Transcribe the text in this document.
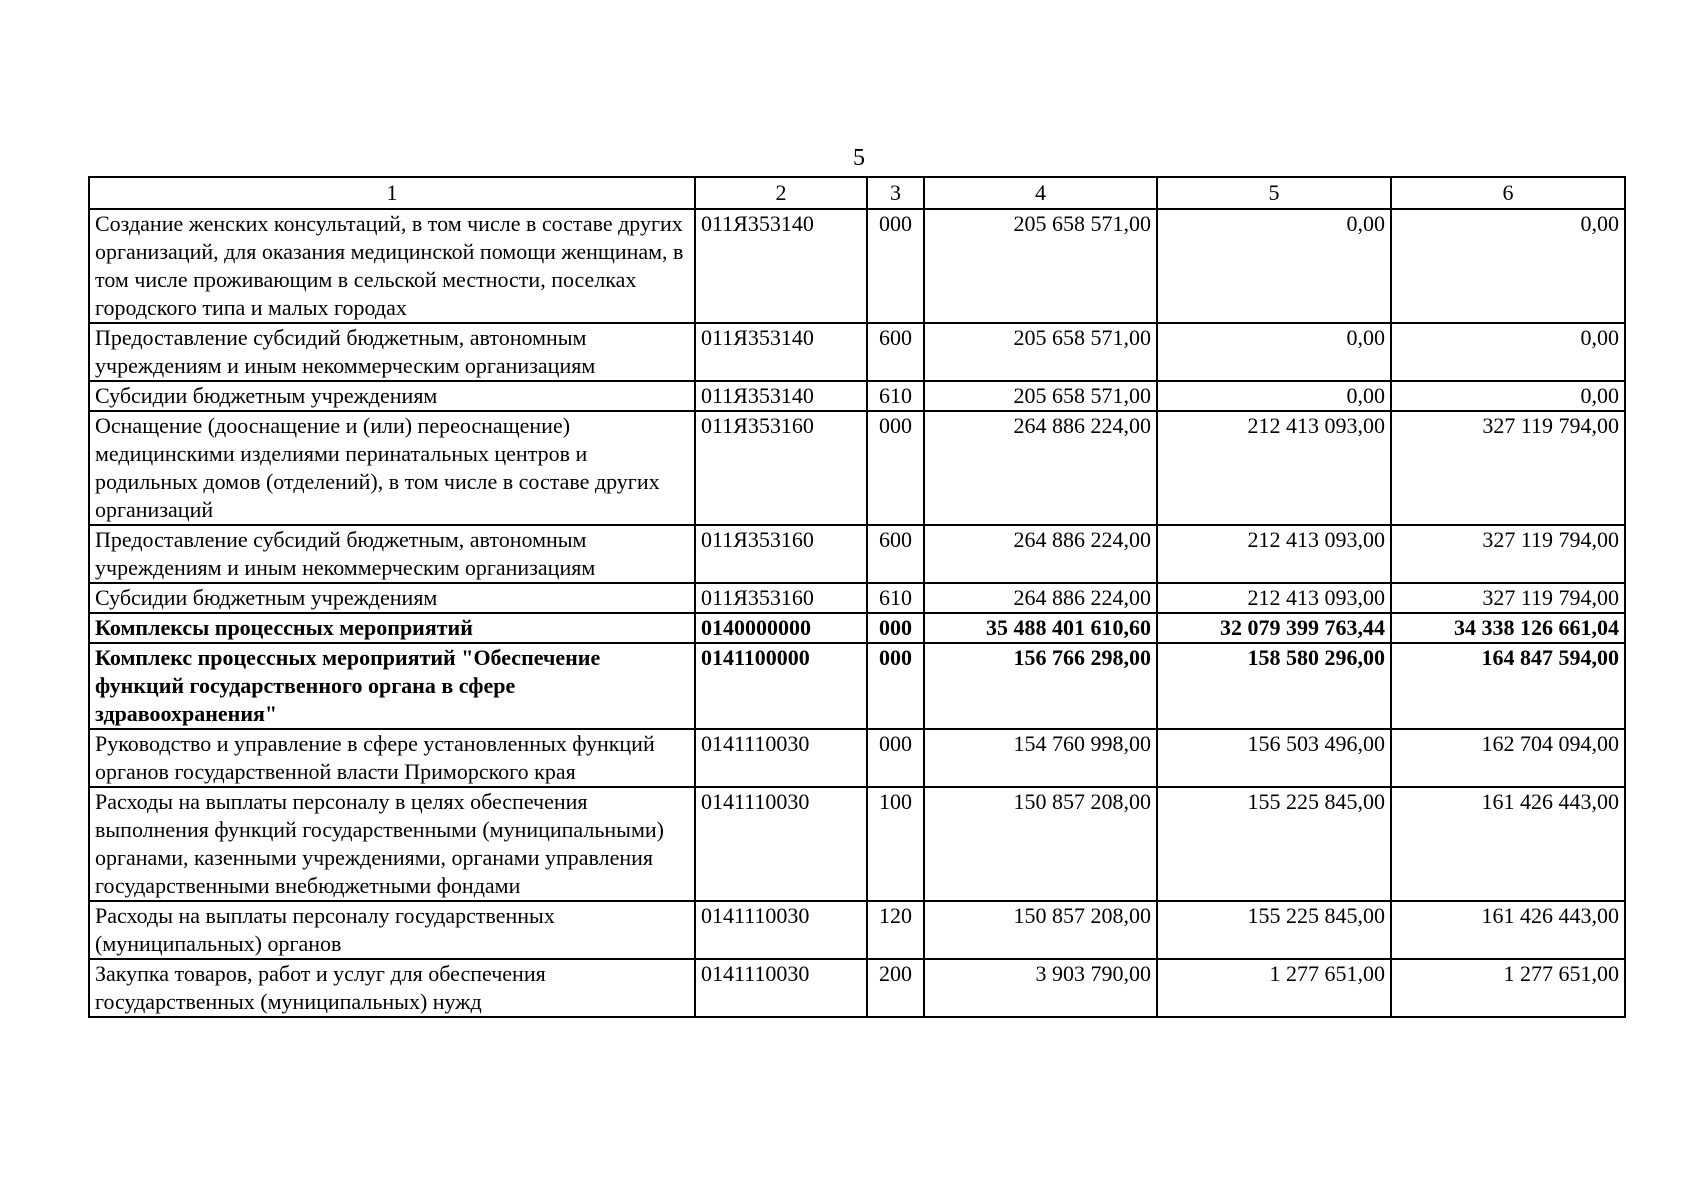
5
1	2	3	4	5	6
Создание женских консультаций, в том числе в составе других организаций, для оказания медицинской помощи женщинам, в том числе проживающим в сельской местности, поселках городского типа и малых городах	011Я353140	000	205 658 571,00	0,00	0,00
Предоставление субсидий бюджетным, автономным учреждениям и иным некоммерческим организациям	011Я353140	600	205 658 571,00	0,00	0,00
Субсидии бюджетным учреждениям	011Я353140	610	205 658 571,00	0,00	0,00
Оснащение (дооснащение и (или) переоснащение) медицинскими изделиями перинатальных центров и родильных домов (отделений), в том числе в составе других организаций	011Я353160	000	264 886 224,00	212 413 093,00	327 119 794,00
Предоставление субсидий бюджетным, автономным учреждениям и иным некоммерческим организациям	011Я353160	600	264 886 224,00	212 413 093,00	327 119 794,00
Субсидии бюджетным учреждениям	011Я353160	610	264 886 224,00	212 413 093,00	327 119 794,00
Комплексы процессных мероприятий	0140000000	000	35 488 401 610,60	32 079 399 763,44	34 338 126 661,04
Комплекс процессных мероприятий "Обеспечение функций государственного органа в сфере здравоохранения"	0141100000	000	156 766 298,00	158 580 296,00	164 847 594,00
Руководство и управление в сфере установленных функций органов государственной власти Приморского края	0141110030	000	154 760 998,00	156 503 496,00	162 704 094,00
Расходы на выплаты персоналу в целях обеспечения выполнения функций государственными (муниципальными) органами, казенными учреждениями, органами управления государственными внебюджетными фондами	0141110030	100	150 857 208,00	155 225 845,00	161 426 443,00
Расходы на выплаты персоналу государственных (муниципальных) органов	0141110030	120	150 857 208,00	155 225 845,00	161 426 443,00
Закупка товаров, работ и услуг для обеспечения государственных (муниципальных) нужд	0141110030	200	3 903 790,00	1 277 651,00	1 277 651,00
